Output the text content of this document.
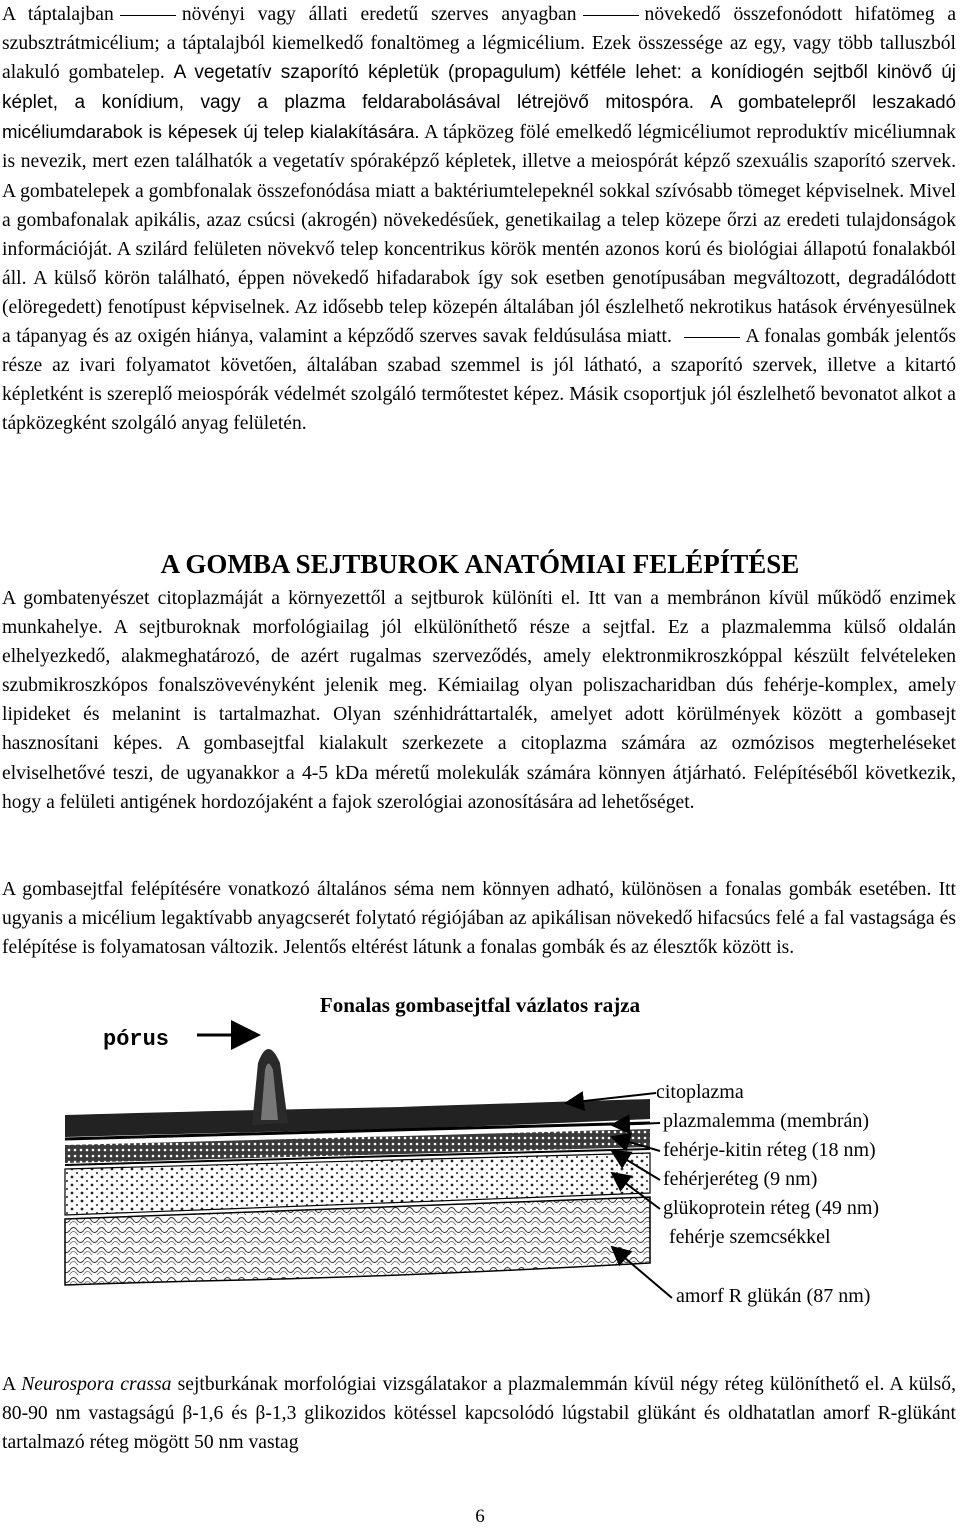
A táptalajban	növényi vagy állati eredetű szerves anyagban	növekedő összefonódott hifatömeg a szubsztrátmicélium; a táptalajból kiemelkedő fonaltömeg a légmicélium. Ezek összessége az egy, vagy több talluszból alakuló gombatelep. A vegetatív szaporító képletük (propagulum) kétféle lehet: a konídiogén sejtből kinövő új képlet, a konídium, vagy a plazma feldarabolásával létrejövő mitospóra. A gombatelepről leszakadó micéliumdarabok is képesek új telep kialakítására. A tápközeg fölé emelkedő légmicéliumot reproduktív micéliumnak is nevezik, mert ezen találhatók a vegetatív spóraképző képletek, illetve a meiospórát képző szexuális szaporító szervek. A gombatelepek a gombfonalak összefonódása miatt a baktériumtelepeknél sokkal szívósabb tömeget képviselnek. Mivel a gombafonalak apikális, azaz csúcsi (akrogén) növekedésűek, genetikailag a telep közepe őrzi az eredeti tulajdonságok információját. A szilárd felületen növekvő telep koncentrikus körök mentén azonos korú és biológiai állapotú fonalakból áll. A külső körön található, éppen növekedő hifadarabok így sok esetben genotípusában megváltozott, degradálódott (elöregedett) fenotípust képviselnek. Az idősebb telep közepén általában jól észlelhető nekrotikus hatások érvényesülnek a tápanyag és az oxigén hiánya, valamint a képződő szerves savak feldúsulása miatt.	A fonalas gombák jelentős része az ivari folyamatot követően, általában szabad szemmel is jól látható, a szaporító szervek, illetve a kitartó képletként is szereplő meiospórák védelmét szolgáló termőtestet képez. Másik csoportjuk jól észlelhető bevonatot alkot a tápközegként szolgáló anyag felületén.

A GOMBA SEJTBUROK ANATÓMIAI FELÉPÍTÉSE

A gombatenyészet citoplazmáját a környezettől a sejtburok különíti el. Itt van a membránon kívül működő enzimek munkahelye. A sejtburoknak morfológiailag jól elkülöníthető része a sejtfal. Ez a plazmalemma külső oldalán elhelyezkedő, alakmeghatározó, de azért rugalmas szerveződés, amely elektronmikroszkóppal készült felvételeken szubmikroszkópos fonalszövevényként jelenik meg. Kémiailag olyan poliszacharidban dús fehérje-komplex, amely lipideket és melanint is tartalmazhat. Olyan szénhidráttartalék, amelyet adott körülmények között a gombasejt hasznosítani képes. A gombasejtfal kialakult szerkezete a citoplazma számára az ozmózisos megterheléseket elviselhetővé teszi, de ugyanakkor a 4-5 kDa méretű molekulák számára könnyen átjárható. Felépítéséből következik, hogy a felületi antigének hordozójaként a fajok szerológiai azonosítására ad lehetőséget.

A gombasejtfal felépítésére vonatkozó általános séma nem könnyen adható, különösen a fonalas gombák esetében. Itt ugyanis a micélium legaktívabb anyagcserét folytató régiójában az apikálisan növekedő hifacsúcs felé a fal vastagsága és felépítése is folyamatosan változik. Jelentős eltérést látunk a fonalas gombák és az élesztők között is.

Fonalas gombasejtfal vázlatos rajza
pórus
citoplazma
plazmalemma (membrán)
fehérje-kitin réteg (18 nm)
fehérjeréteg (9 nm)
glükoprotein réteg (49 nm)
fehérje szemcsékkel
amorf R glükán (87 nm)

A Neurospora crassa sejtburkának morfológiai vizsgálatakor a plazmalemmán kívül négy réteg különíthető el. A külső, 80-90 nm vastagságú β-1,6 és β-1,3 glikozidos kötéssel kapcsolódó lúgstabil glükánt és oldhatatlan amorf R-glükánt tartalmazó réteg mögött 50 nm vastag

6
